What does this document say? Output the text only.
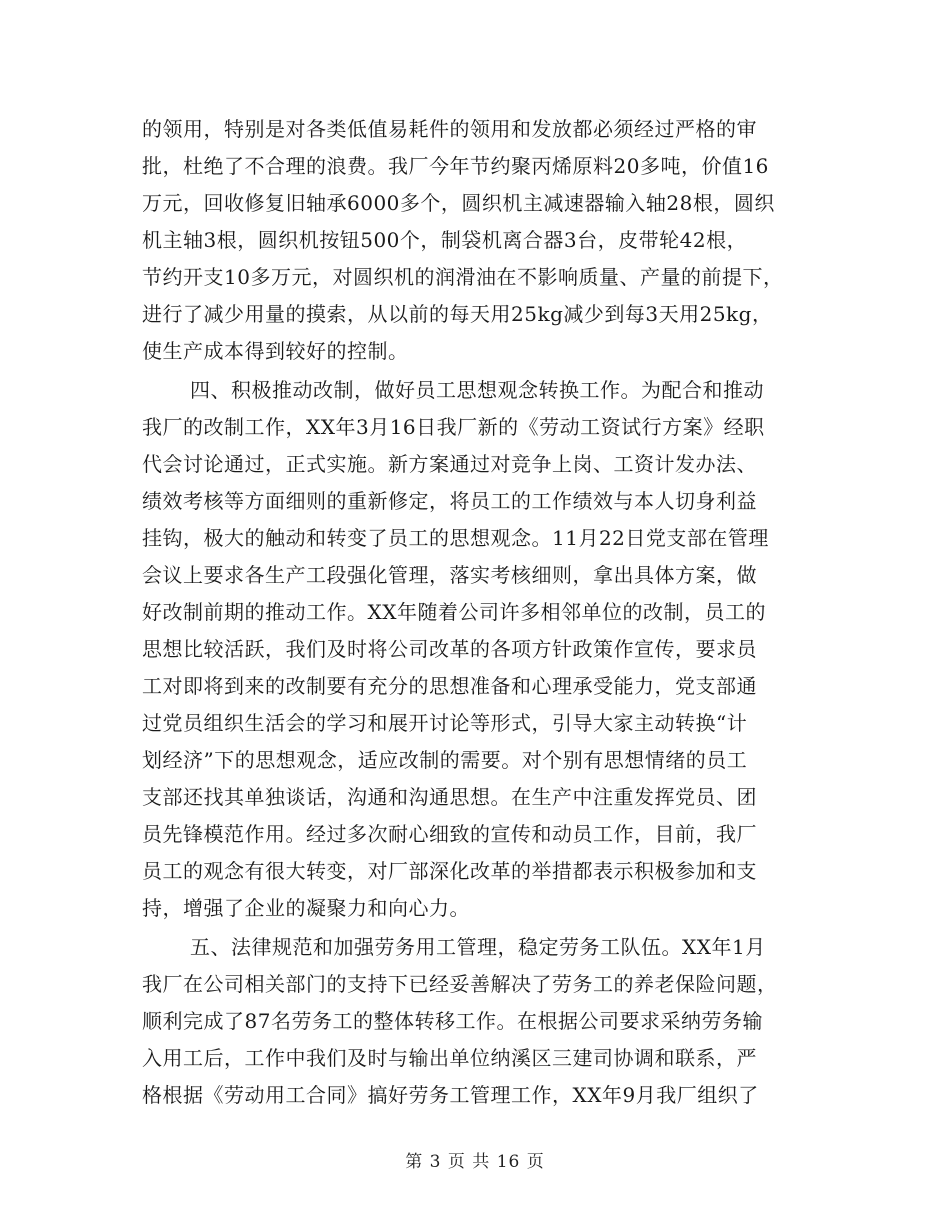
的领用，特别是对各类低值易耗件的领用和发放都必须经过严格的审
批，杜绝了不合理的浪费。我厂今年节约聚丙烯原料20多吨，价值16
万元，回收修复旧轴承6000多个，圆织机主减速器输入轴28根，圆织
机主轴3根，圆织机按钮500个，制袋机离合器3台，皮带轮42根，
节约开支10多万元，对圆织机的润滑油在不影响质量、产量的前提下，
进行了减少用量的摸索，从以前的每天用25kg减少到每3天用25kg，
使生产成本得到较好的控制。
四、积极推动改制，做好员工思想观念转换工作。为配合和推动
我厂的改制工作，XX年3月16日我厂新的《劳动工资试行方案》经职
代会讨论通过，正式实施。新方案通过对竞争上岗、工资计发办法、
绩效考核等方面细则的重新修定，将员工的工作绩效与本人切身利益
挂钩，极大的触动和转变了员工的思想观念。11月22日党支部在管理
会议上要求各生产工段强化管理，落实考核细则，拿出具体方案，做
好改制前期的推动工作。XX年随着公司许多相邻单位的改制，员工的
思想比较活跃，我们及时将公司改革的各项方针政策作宣传，要求员
工对即将到来的改制要有充分的思想准备和心理承受能力，党支部通
过党员组织生活会的学习和展开讨论等形式，引导大家主动转换“计
划经济”下的思想观念，适应改制的需要。对个别有思想情绪的员工
支部还找其单独谈话，沟通和沟通思想。在生产中注重发挥党员、团
员先锋模范作用。经过多次耐心细致的宣传和动员工作，目前，我厂
员工的观念有很大转变，对厂部深化改革的举措都表示积极参加和支
持，增强了企业的凝聚力和向心力。
五、法律规范和加强劳务用工管理，稳定劳务工队伍。XX年1月
我厂在公司相关部门的支持下已经妥善解决了劳务工的养老保险问题，
顺利完成了87名劳务工的整体转移工作。在根据公司要求采纳劳务输
入用工后，工作中我们及时与输出单位纳溪区三建司协调和联系，严
格根据《劳动用工合同》搞好劳务工管理工作，XX年9月我厂组织了
第 3 页 共 16 页
